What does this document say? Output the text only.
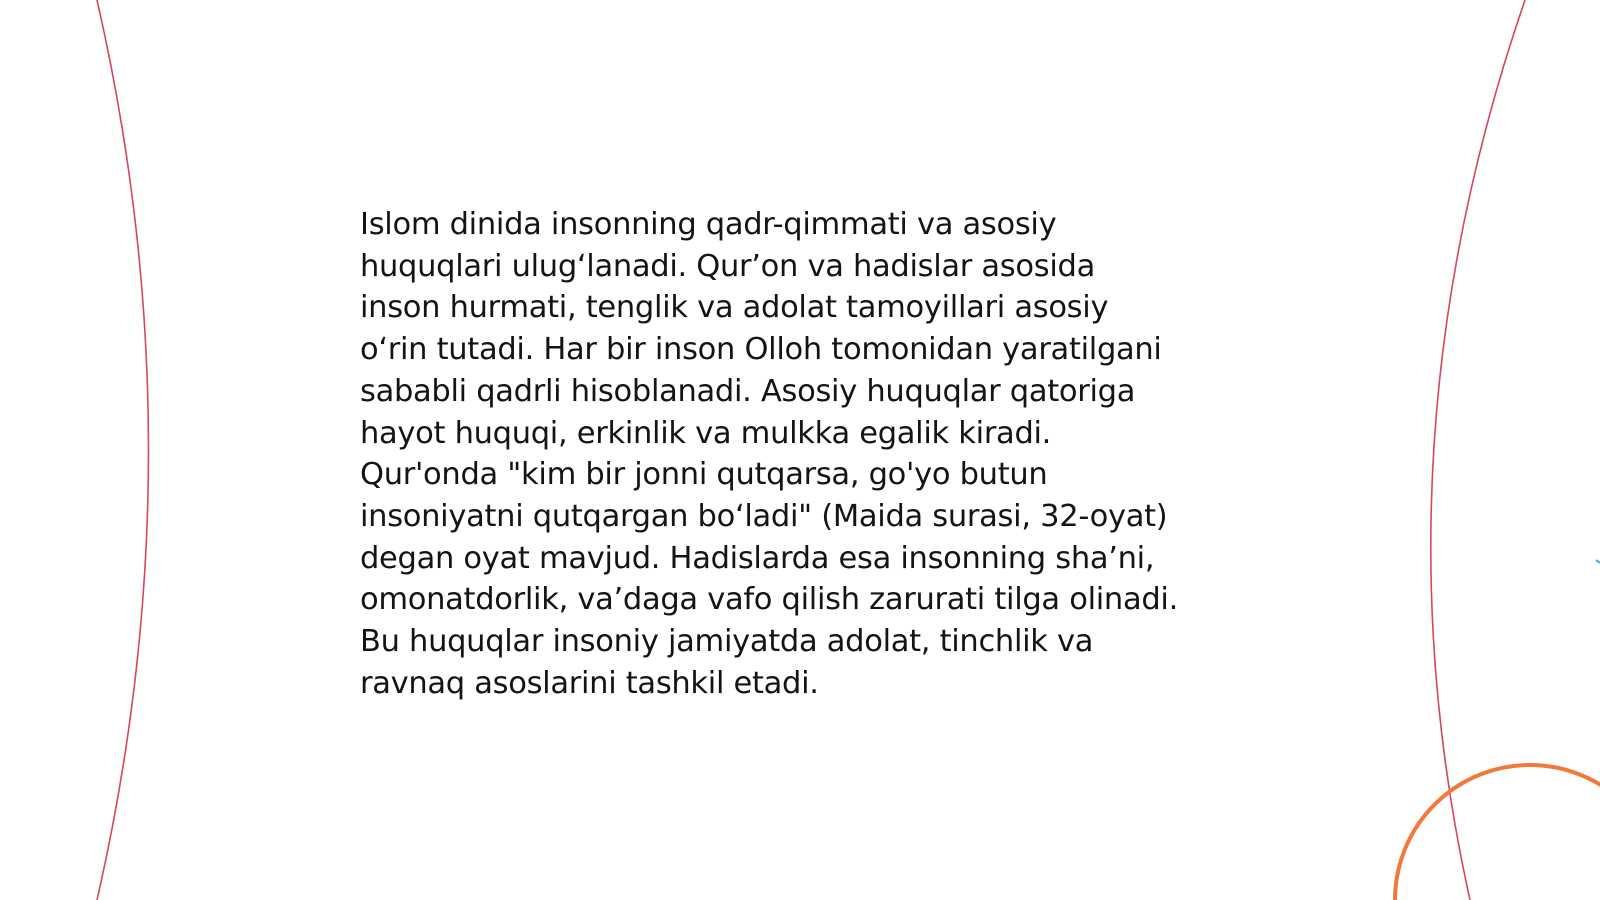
Islom dinida insonning qadr-qimmati va asosiy
huquqlari ulug‘lanadi. Qur’on va hadislar asosida
inson hurmati, tenglik va adolat tamoyillari asosiy
o‘rin tutadi. Har bir inson Olloh tomonidan yaratilgani
sababli qadrli hisoblanadi. Asosiy huquqlar qatoriga
hayot huquqi, erkinlik va mulkka egalik kiradi.
Qur'onda "kim bir jonni qutqarsa, go'yo butun
insoniyatni qutqargan bo‘ladi" (Maida surasi, 32-oyat)
degan oyat mavjud. Hadislarda esa insonning sha’ni,
omonatdorlik, va’daga vafo qilish zarurati tilga olinadi.
Bu huquqlar insoniy jamiyatda adolat, tinchlik va
ravnaq asoslarini tashkil etadi.
